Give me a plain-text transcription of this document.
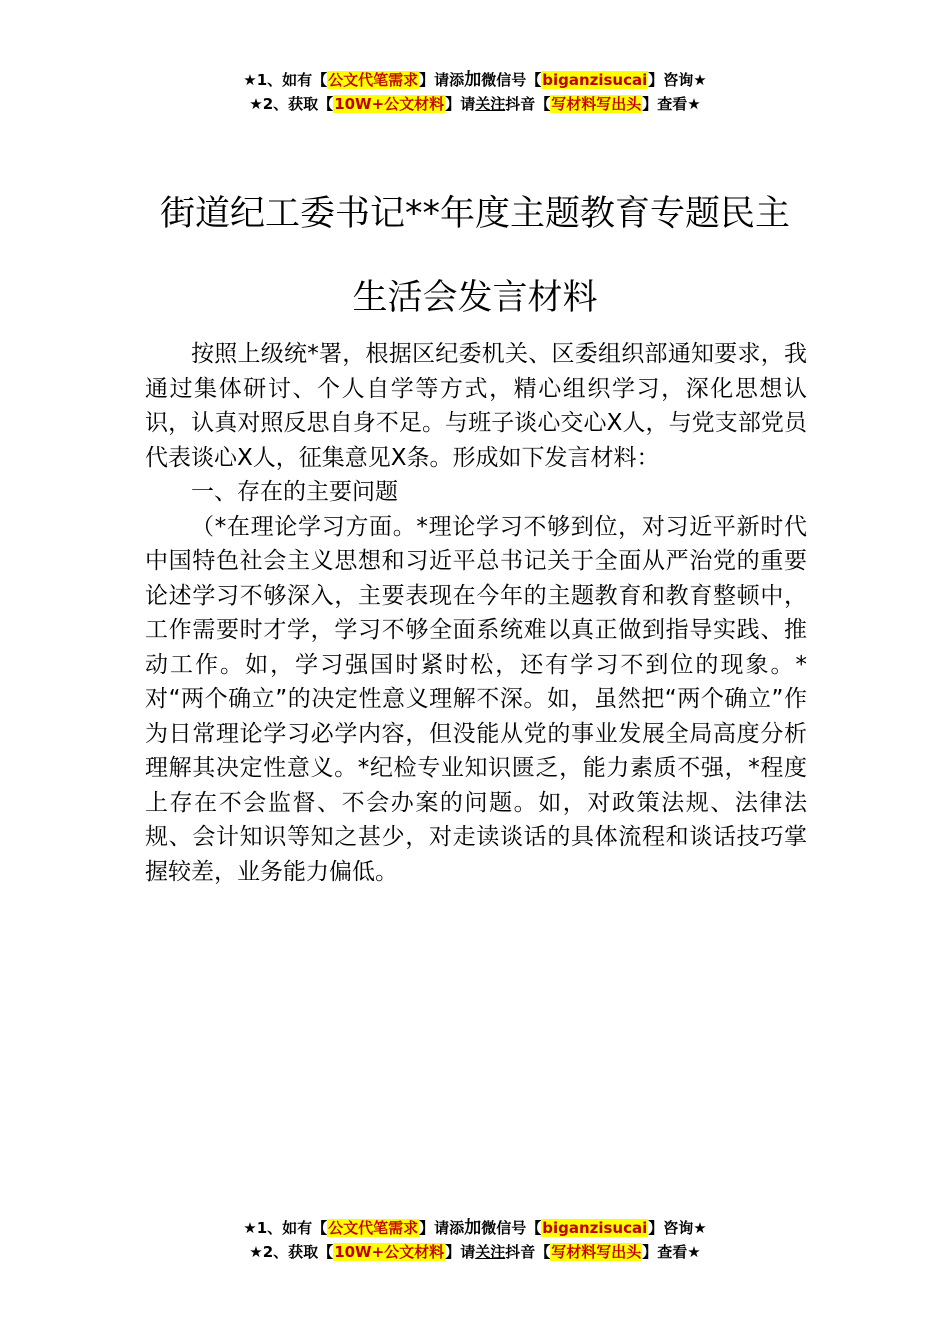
★1、如有【公文代笔需求】请添加微信号【biganzisucai】咨询★
★2、获取【10W+公文材料】请关注抖音【写材料写出头】查看★
街道纪工委书记**年度主题教育专题民主
生活会发言材料

按照上级统*署，根据区纪委机关、区委组织部通知要求，我通过集体研讨、个人自学等方式，精心组织学习，深化思想认识，认真对照反思自身不足。与班子谈心交心X人，与党支部党员代表谈心X人，征集意见X条。形成如下发言材料：

一、存在的主要问题

（*在理论学习方面。*理论学习不够到位，对习近平新时代中国特色社会主义思想和习近平总书记关于全面从严治党的重要论述学习不够深入，主要表现在今年的主题教育和教育整顿中，工作需要时才学，学习不够全面系统难以真正做到指导实践、推动工作。如，学习强国时紧时松，还有学习不到位的现象。*对“两个确立”的决定性意义理解不深。如，虽然把“两个确立”作为日常理论学习必学内容，但没能从党的事业发展全局高度分析理解其决定性意义。*纪检专业知识匮乏，能力素质不强，*程度上存在不会监督、不会办案的问题。如，对政策法规、法律法规、会计知识等知之甚少，对走读谈话的具体流程和谈话技巧掌握较差，业务能力偏低。

★1、如有【公文代笔需求】请添加微信号【biganzisucai】咨询★
★2、获取【10W+公文材料】请关注抖音【写材料写出头】查看★
